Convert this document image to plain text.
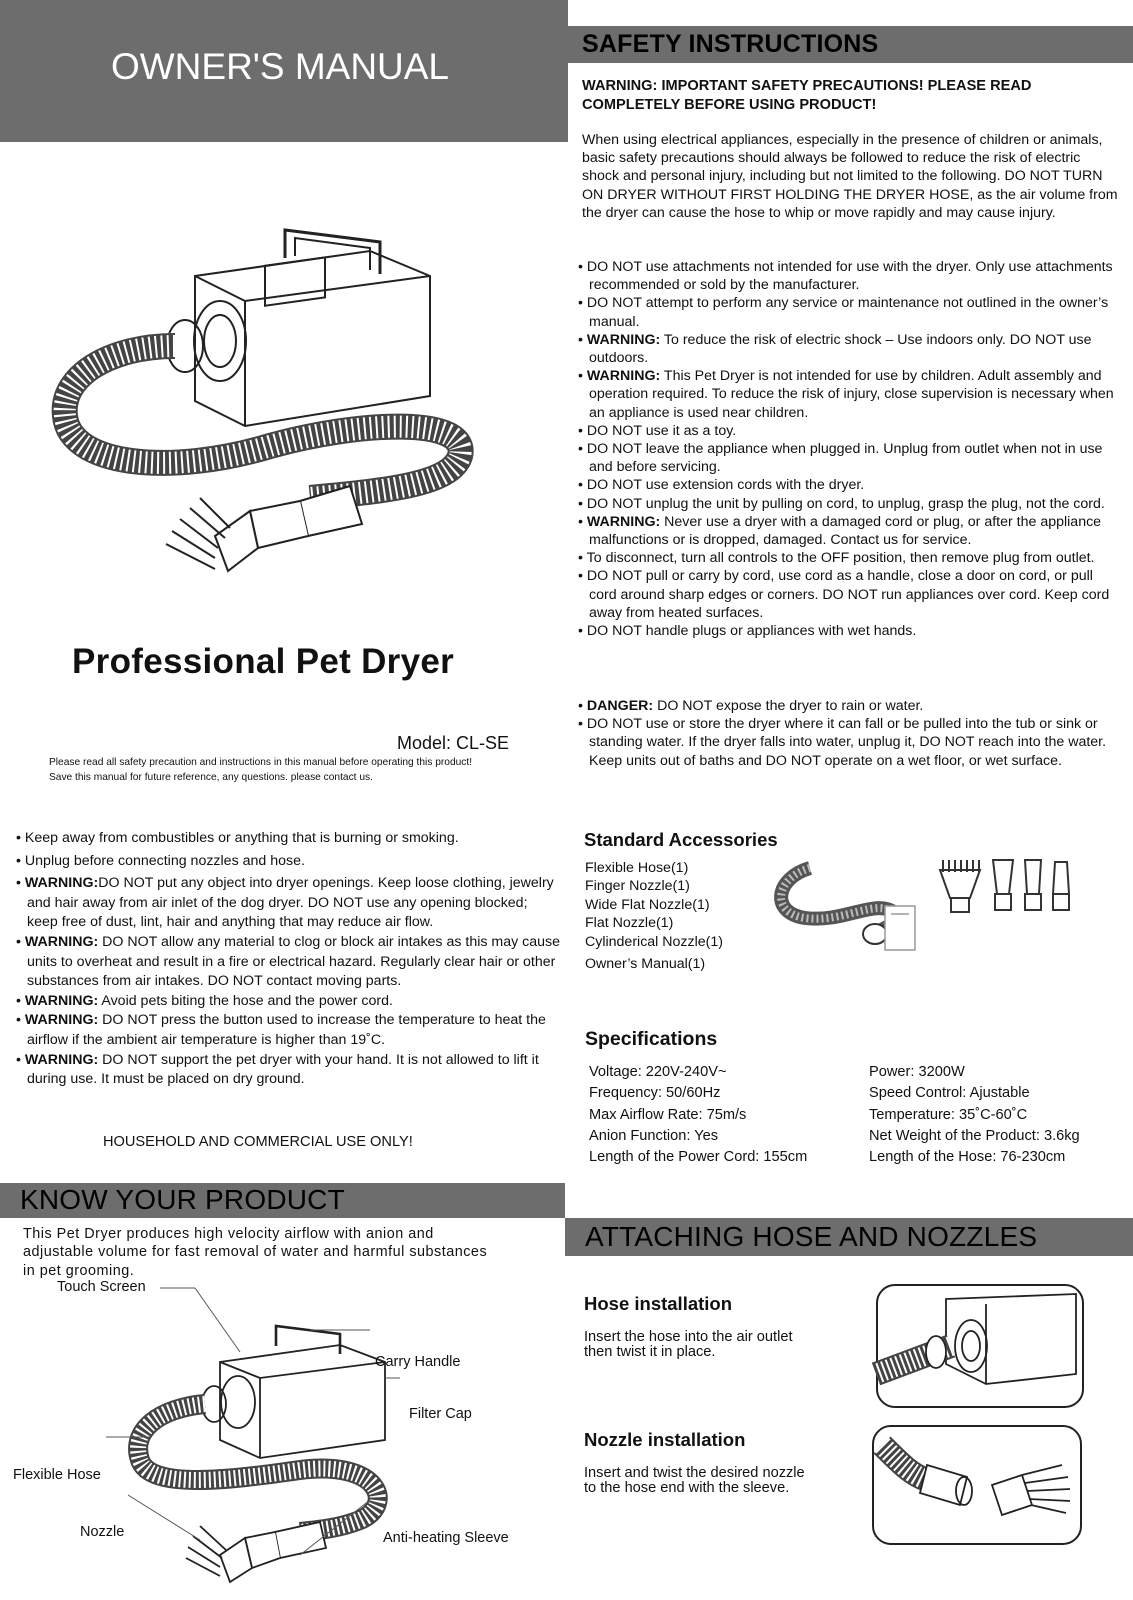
OWNER'S MANUAL
Professional Pet Dryer
Model: CL-SE
Please read all safety precaution and instructions in this manual before operating this product!
Save this manual for future reference, any questions. please contact us.
SAFETY INSTRUCTIONS
WARNING: IMPORTANT SAFETY PRECAUTIONS! PLEASE READ
COMPLETELY BEFORE USING PRODUCT!
When using electrical appliances, especially in the presence of children or animals, basic safety precautions should always be followed to reduce the risk of electric shock and personal injury, including but not limited to the following. DO NOT TURN ON DRYER WITHOUT FIRST HOLDING THE DRYER HOSE, as the air volume from the dryer can cause the hose to whip or move rapidly and may cause injury.
• DO NOT use attachments not intended for use with the dryer. Only use attachments recommended or sold by the manufacturer.
• DO NOT attempt to perform any service or maintenance not outlined in the owner’s manual.
• WARNING: To reduce the risk of electric shock – Use indoors only. DO NOT use outdoors.
• WARNING: This Pet Dryer is not intended for use by children. Adult assembly and operation required. To reduce the risk of injury, close supervision is necessary when an appliance is used near children.
• DO NOT use it as a toy.
• DO NOT leave the appliance when plugged in. Unplug from outlet when not in use and before servicing.
• DO NOT use extension cords with the dryer.
• DO NOT unplug the unit by pulling on cord, to unplug, grasp the plug, not the cord.
• WARNING: Never use a dryer with a damaged cord or plug, or after the appliance malfunctions or is dropped, damaged. Contact us for service.
• To disconnect, turn all controls to the OFF position, then remove plug from outlet.
• DO NOT pull or carry by cord, use cord as a handle, close a door on cord, or pull cord around sharp edges or corners. DO NOT run appliances over cord. Keep cord away from heated surfaces.
• DO NOT handle plugs or appliances with wet hands.
• DANGER: DO NOT expose the dryer to rain or water.
• DO NOT use or store the dryer where it can fall or be pulled into the tub or sink or standing water. If the dryer falls into water, unplug it, DO NOT reach into the water. Keep units out of baths and DO NOT operate on a wet floor, or wet surface.
• Keep away from combustibles or anything that is burning or smoking.
• Unplug before connecting nozzles and hose.
• WARNING:DO NOT put any object into dryer openings. Keep loose clothing, jewelry and hair away from air inlet of the dog dryer. DO NOT use any opening blocked; keep free of dust, lint, hair and anything that may reduce air flow.
• WARNING: DO NOT allow any material to clog or block air intakes as this may cause units to overheat and result in a fire or electrical hazard. Regularly clear hair or other substances from air intakes. DO NOT contact moving parts.
• WARNING: Avoid pets biting the hose and the power cord.
• WARNING: DO NOT press the button used to increase the temperature to heat the airflow if the ambient air temperature is higher than 19˚C.
• WARNING: DO NOT support the pet dryer with your hand. It is not allowed to lift it during use. It must be placed on dry ground.
HOUSEHOLD AND COMMERCIAL USE ONLY!
Standard Accessories
Flexible Hose(1)
Finger Nozzle(1)
Wide Flat Nozzle(1)
Flat Nozzle(1)
Cylinderical Nozzle(1)
Owner’s Manual(1)
Specifications
Voltage: 220V-240V~
Frequency: 50/60Hz
Max Airflow Rate: 75m/s
Anion Function: Yes
Length of the Power Cord: 155cm
Power: 3200W
Speed Control: Ajustable
Temperature: 35˚C-60˚C
Net Weight of the Product: 3.6kg
Length of the Hose: 76-230cm
KNOW YOUR PRODUCT
This Pet Dryer produces high velocity airflow with anion and
adjustable volume for fast removal of water and harmful substances
in pet grooming.
Touch Screen
Carry Handle
Filter Cap
Flexible Hose
Nozzle	Anti-heating Sleeve
ATTACHING HOSE AND NOZZLES
Hose installation
Insert the hose into the air outlet
then twist it in place.
Nozzle installation
Insert and twist the desired nozzle
to the hose end with the sleeve.
